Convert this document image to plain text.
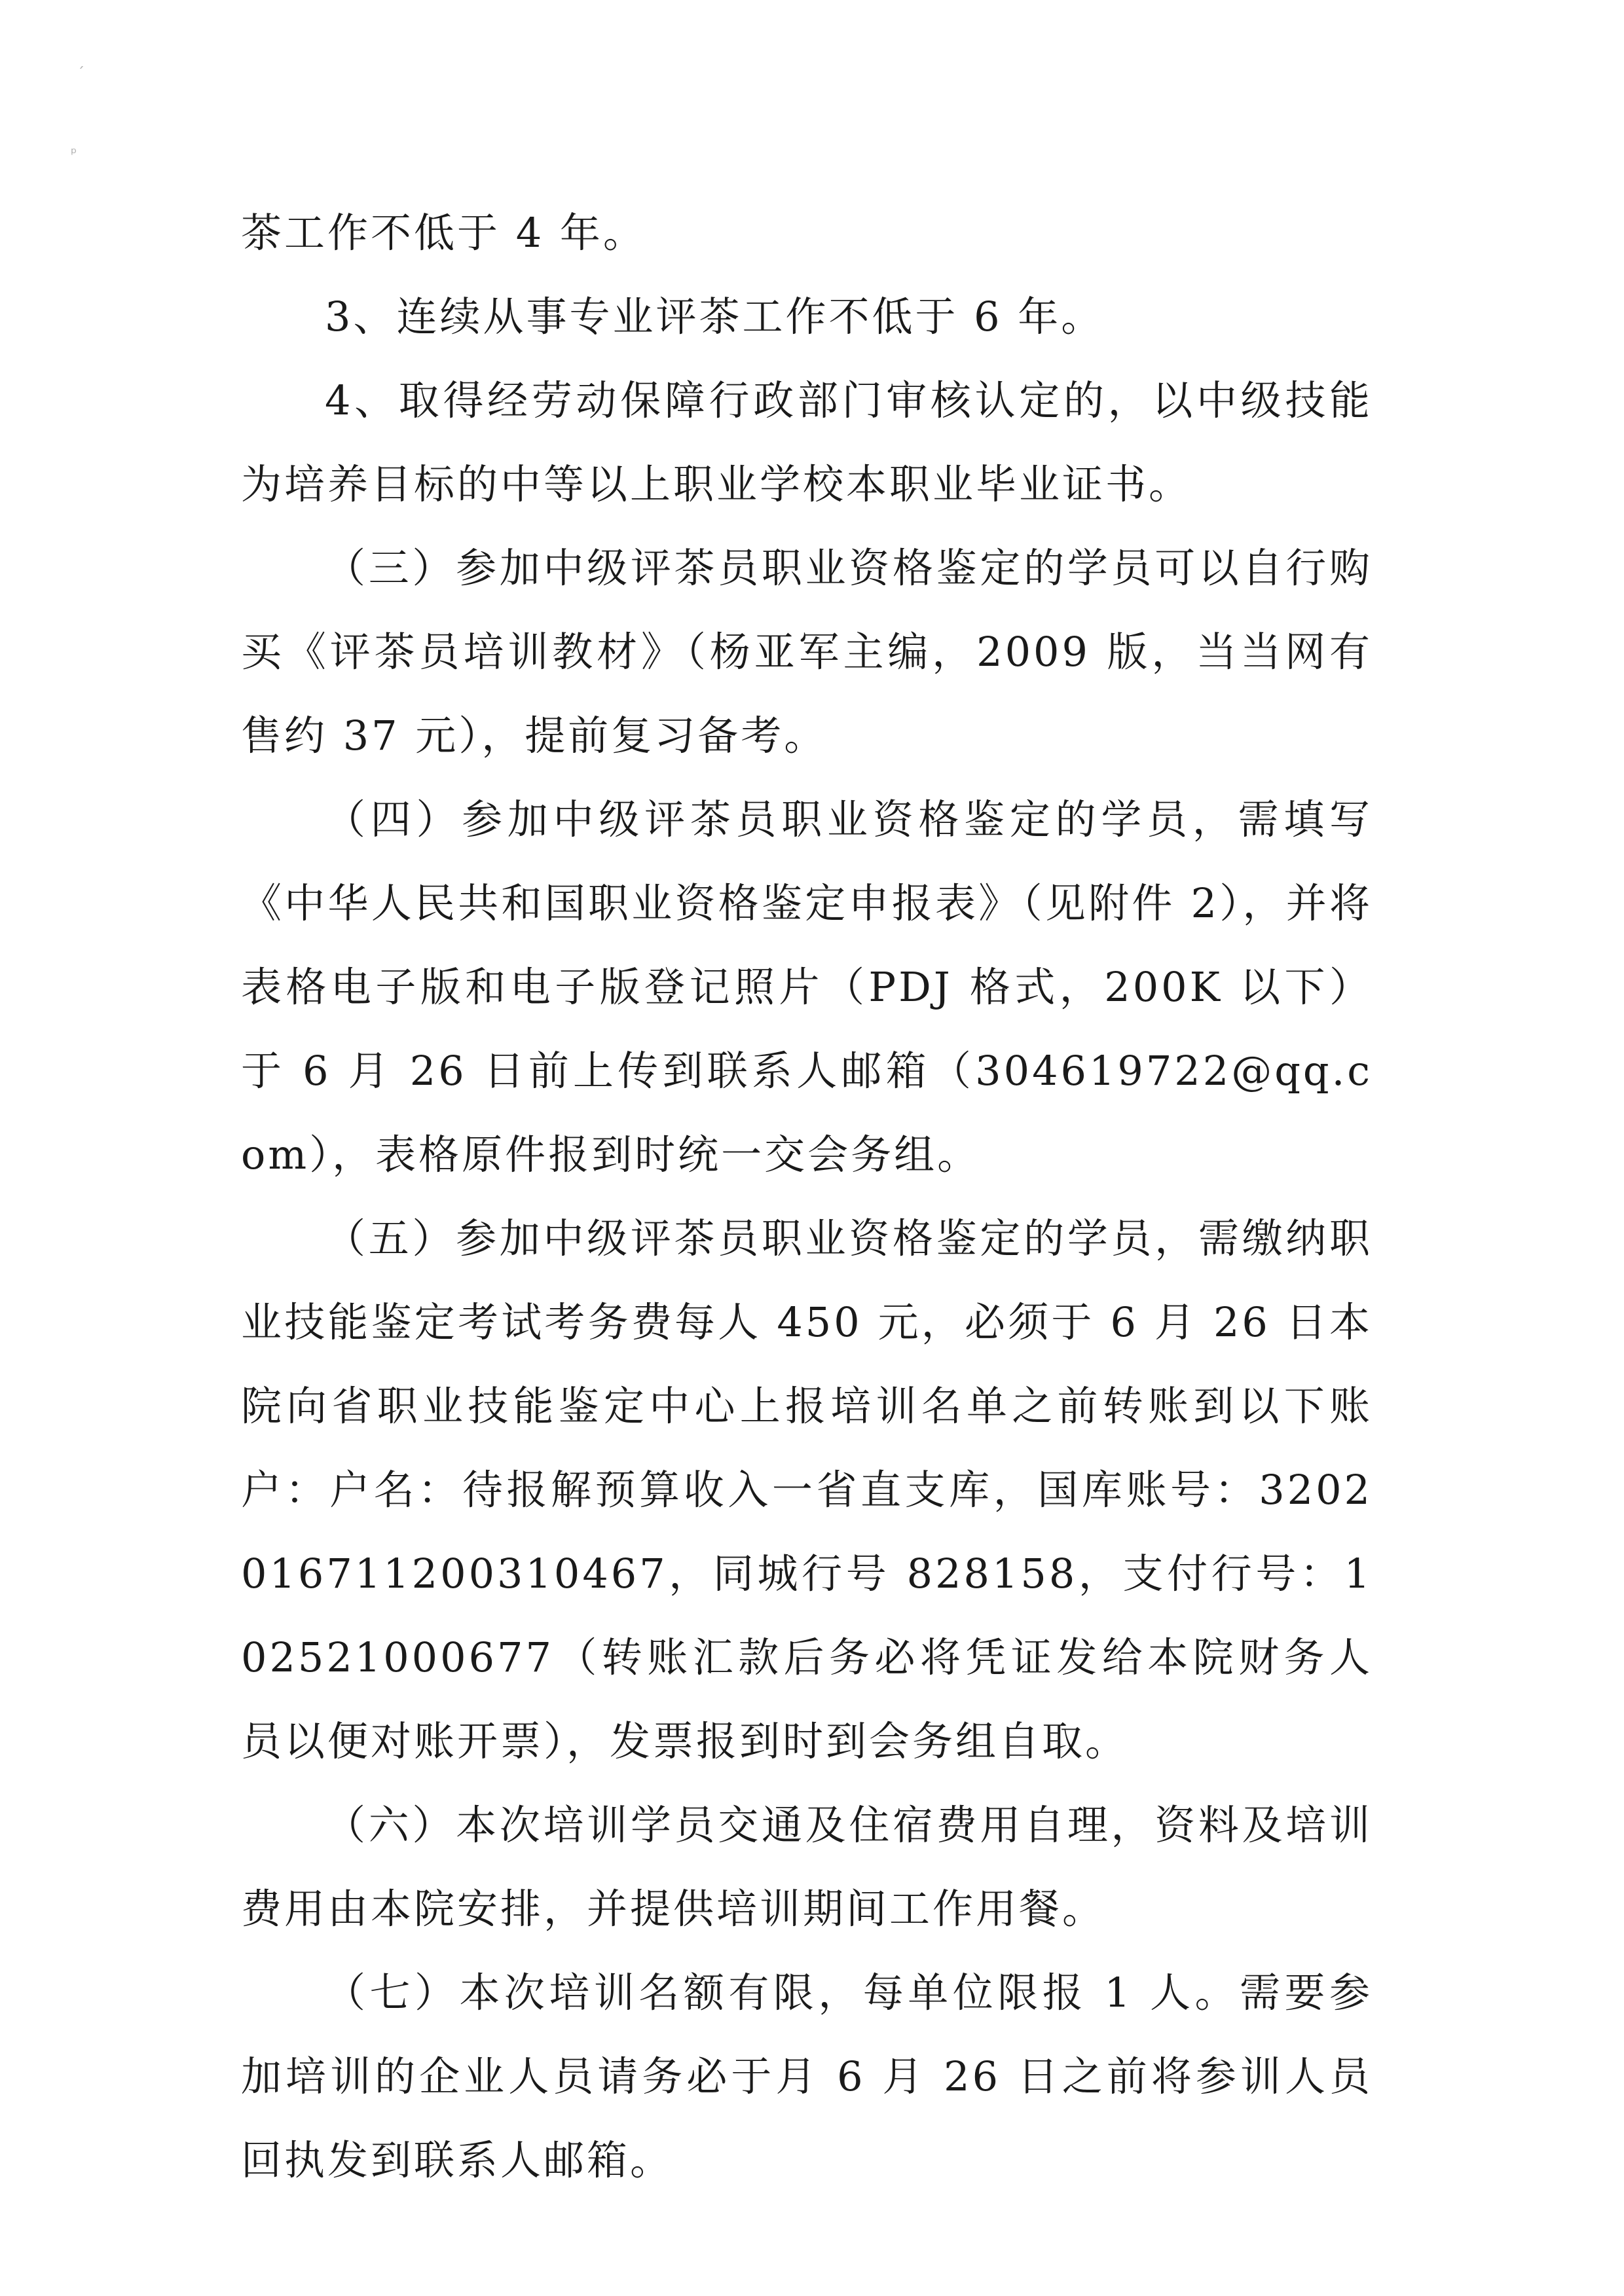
ˊ
ᵖ

茶工作不低于 4 年。

3、连续从事专业评茶工作不低于 6 年。

4、取得经劳动保障行政部门审核认定的，以中级技能为培养目标的中等以上职业学校本职业毕业证书。

（三）参加中级评茶员职业资格鉴定的学员可以自行购买《评茶员培训教材》（杨亚军主编，2009 版，当当网有售约 37 元），提前复习备考。

（四）参加中级评茶员职业资格鉴定的学员，需填写《中华人民共和国职业资格鉴定申报表》（见附件 2），并将表格电子版和电子版登记照片（PDJ 格式，200K 以下）于 6 月 26 日前上传到联系人邮箱（304619722@qq.com），表格原件报到时统一交会务组。

（五）参加中级评茶员职业资格鉴定的学员，需缴纳职业技能鉴定考试考务费每人 450 元，必须于 6 月 26 日本院向省职业技能鉴定中心上报培训名单之前转账到以下账户：户名：待报解预算收入一省直支库，国库账号：3202016711200310467，同城行号 828158，支付行号：102521000677（转账汇款后务必将凭证发给本院财务人员以便对账开票），发票报到时到会务组自取。

（六）本次培训学员交通及住宿费用自理，资料及培训费用由本院安排，并提供培训期间工作用餐。

（七）本次培训名额有限，每单位限报 1 人。需要参加培训的企业人员请务必于月 6 月 26 日之前将参训人员回执发到联系人邮箱。
